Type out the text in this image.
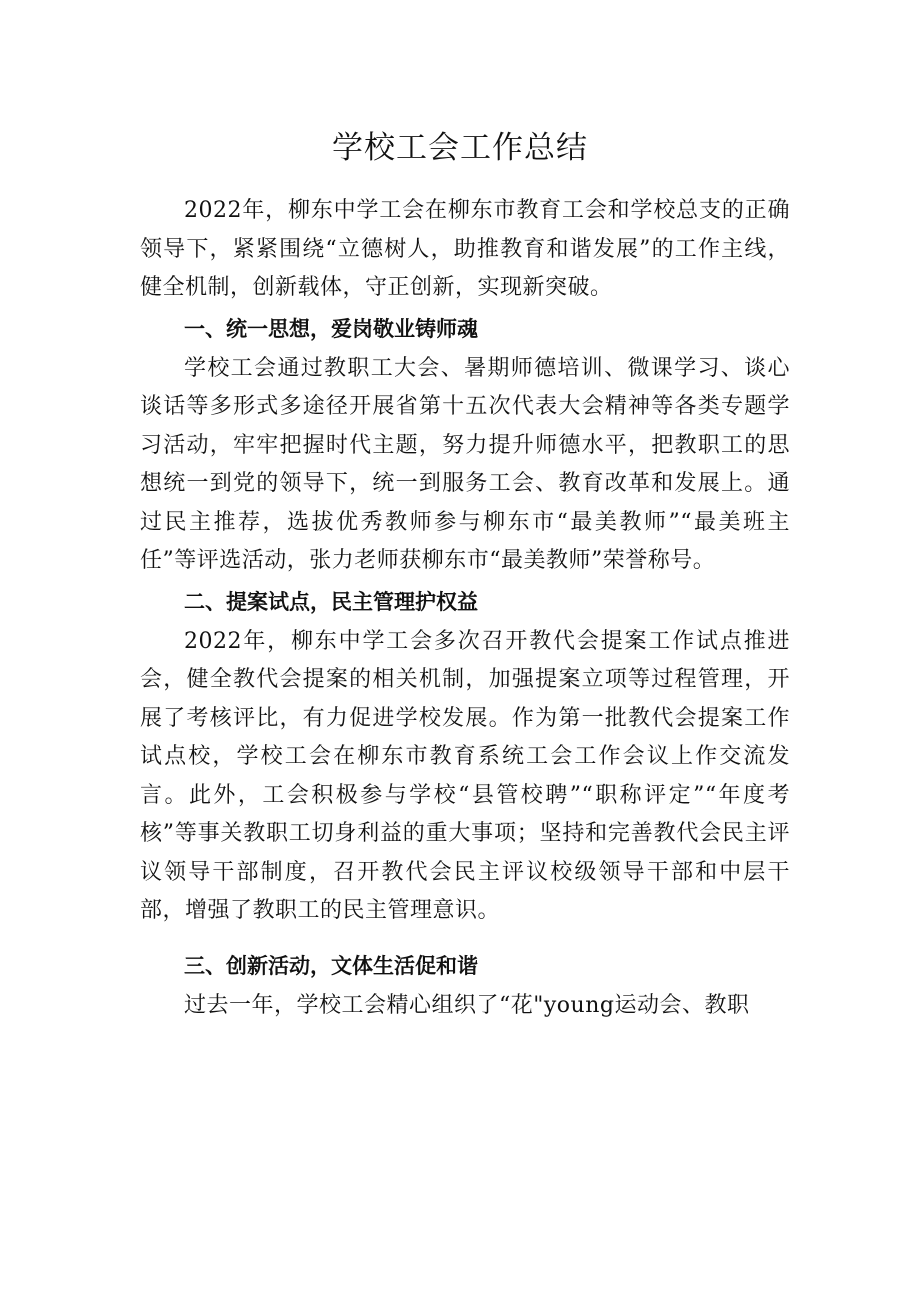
学校工会工作总结

2022年，柳东中学工会在柳东市教育工会和学校总支的正确领导下，紧紧围绕“立德树人，助推教育和谐发展”的工作主线，健全机制，创新载体，守正创新，实现新突破。

一、统一思想，爱岗敬业铸师魂

学校工会通过教职工大会、暑期师德培训、微课学习、谈心谈话等多形式多途径开展省第十五次代表大会精神等各类专题学习活动，牢牢把握时代主题，努力提升师德水平，把教职工的思想统一到党的领导下，统一到服务工会、教育改革和发展上。通过民主推荐，选拔优秀教师参与柳东市“最美教师”“最美班主任”等评选活动，张力老师获柳东市“最美教师”荣誉称号。

二、提案试点，民主管理护权益

2022年，柳东中学工会多次召开教代会提案工作试点推进会，健全教代会提案的相关机制，加强提案立项等过程管理，开展了考核评比，有力促进学校发展。作为第一批教代会提案工作试点校，学校工会在柳东市教育系统工会工作会议上作交流发言。此外，工会积极参与学校“县管校聘”“职称评定”“年度考核”等事关教职工切身利益的重大事项；坚持和完善教代会民主评议领导干部制度，召开教代会民主评议校级领导干部和中层干部，增强了教职工的民主管理意识。

三、创新活动，文体生活促和谐

过去一年，学校工会精心组织了“花"young运动会、教职
